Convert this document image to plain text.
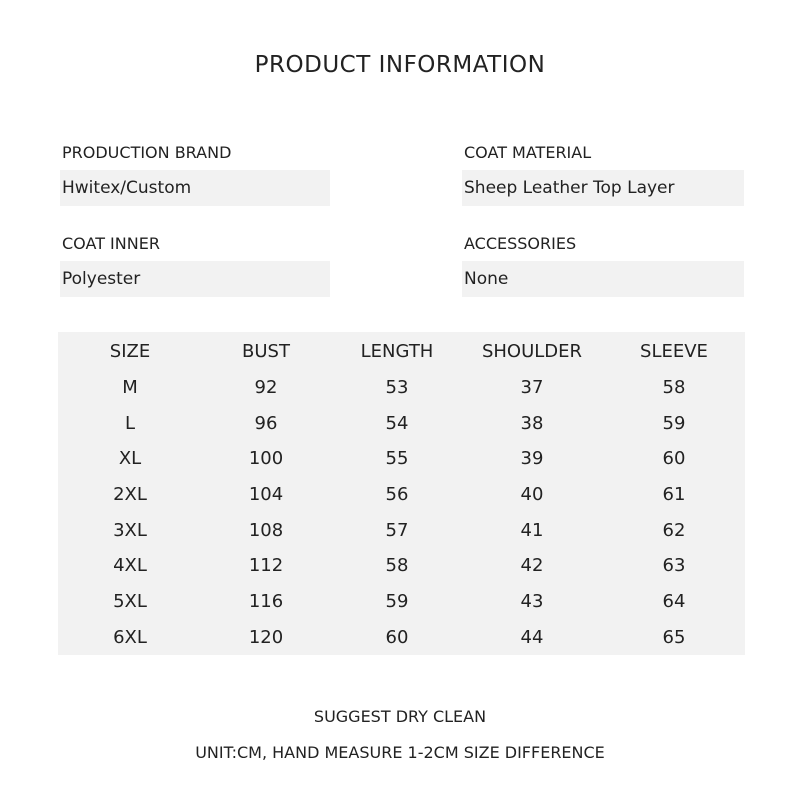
PRODUCT INFORMATION
PRODUCTION BRAND
Hwitex/Custom
COAT MATERIAL
Sheep Leather Top Layer
COAT INNER
Polyester
ACCESSORIES
None
SIZE	BUST	LENGTH	SHOULDER	SLEEVE
M	92	53	37	58
L	96	54	38	59
XL	100	55	39	60
2XL	104	56	40	61
3XL	108	57	41	62
4XL	112	58	42	63
5XL	116	59	43	64
6XL	120	60	44	65
SUGGEST DRY CLEAN
UNIT:CM, HAND MEASURE 1-2CM SIZE DIFFERENCE
